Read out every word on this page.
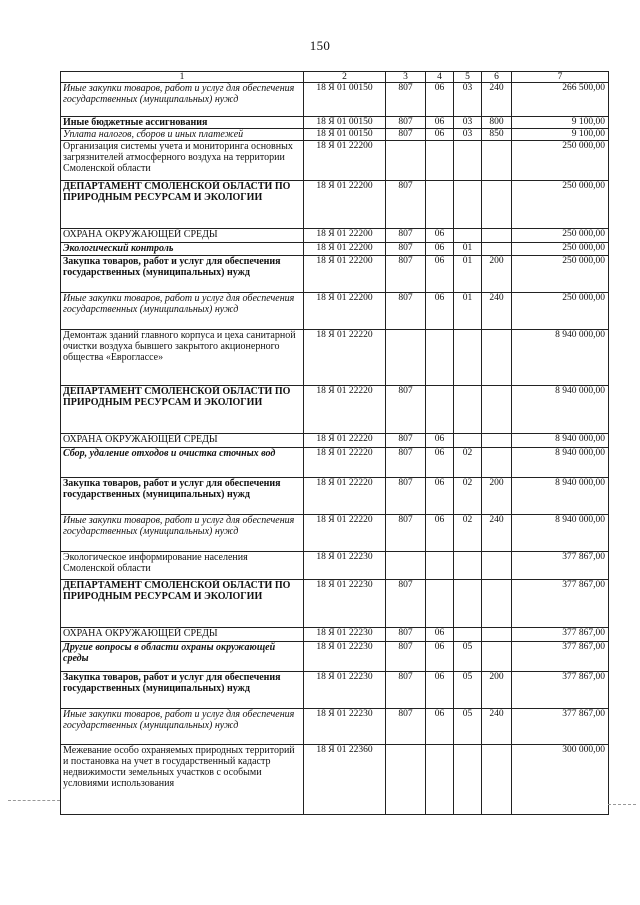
150
1	2	3	4	5	6	7
Иные закупки товаров, работ и услуг для обеспечения государственных (муниципальных) нужд	18 Я 01 00150	807	06	03	240	266 500,00
Иные бюджетные ассигнования	18 Я 01 00150	807	06	03	800	9 100,00
Уплата налогов, сборов и иных платежей	18 Я 01 00150	807	06	03	850	9 100,00
Организация системы учета и мониторинга основных загрязнителей атмосферного воздуха на территории Смоленской области	18 Я 01 22200					250 000,00
ДЕПАРТАМЕНТ СМОЛЕНСКОЙ ОБЛАСТИ ПО ПРИРОДНЫМ РЕСУРСАМ И ЭКОЛОГИИ	18 Я 01 22200	807				250 000,00
ОХРАНА ОКРУЖАЮЩЕЙ СРЕДЫ	18 Я 01 22200	807	06			250 000,00
Экологический контроль	18 Я 01 22200	807	06	01		250 000,00
Закупка товаров, работ и услуг для обеспечения государственных (муниципальных) нужд	18 Я 01 22200	807	06	01	200	250 000,00
Иные закупки товаров, работ и услуг для обеспечения государственных (муниципальных) нужд	18 Я 01 22200	807	06	01	240	250 000,00
Демонтаж зданий главного корпуса и цеха санитарной очистки воздуха бывшего закрытого акционерного общества «Евроглассе»	18 Я 01 22220					8 940 000,00
ДЕПАРТАМЕНТ СМОЛЕНСКОЙ ОБЛАСТИ ПО ПРИРОДНЫМ РЕСУРСАМ И ЭКОЛОГИИ	18 Я 01 22220	807				8 940 000,00
ОХРАНА ОКРУЖАЮЩЕЙ СРЕДЫ	18 Я 01 22220	807	06			8 940 000,00
Сбор, удаление отходов и очистка сточных вод	18 Я 01 22220	807	06	02		8 940 000,00
Закупка товаров, работ и услуг для обеспечения государственных (муниципальных) нужд	18 Я 01 22220	807	06	02	200	8 940 000,00
Иные закупки товаров, работ и услуг для обеспечения государственных (муниципальных) нужд	18 Я 01 22220	807	06	02	240	8 940 000,00
Экологическое информирование населения Смоленской области	18 Я 01 22230					377 867,00
ДЕПАРТАМЕНТ СМОЛЕНСКОЙ ОБЛАСТИ ПО ПРИРОДНЫМ РЕСУРСАМ И ЭКОЛОГИИ	18 Я 01 22230	807				377 867,00
ОХРАНА ОКРУЖАЮЩЕЙ СРЕДЫ	18 Я 01 22230	807	06			377 867,00
Другие вопросы в области охраны окружающей среды	18 Я 01 22230	807	06	05		377 867,00
Закупка товаров, работ и услуг для обеспечения государственных (муниципальных) нужд	18 Я 01 22230	807	06	05	200	377 867,00
Иные закупки товаров, работ и услуг для обеспечения государственных (муниципальных) нужд	18 Я 01 22230	807	06	05	240	377 867,00
Межевание особо охраняемых природных территорий и постановка на учет в государственный кадастр недвижимости земельных участков с особыми условиями использования	18 Я 01 22360					300 000,00
